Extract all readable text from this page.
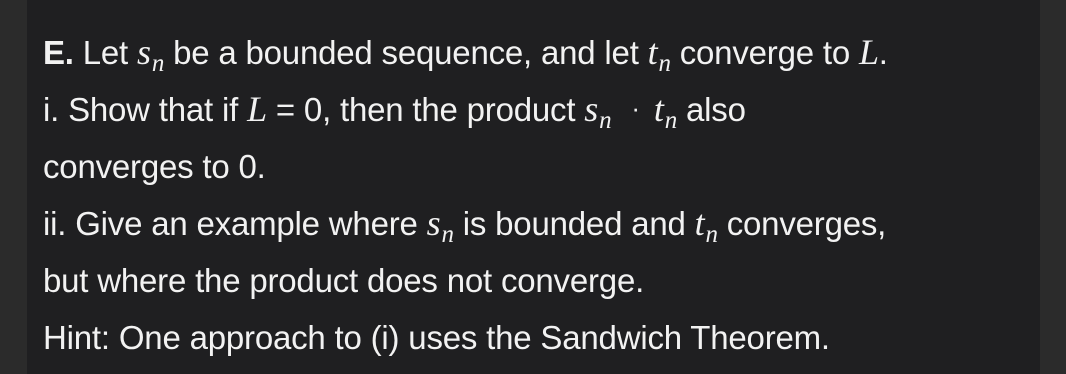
E. Let $s_n$ be a bounded sequence, and let $t_n$ converge to L.
i. Show that if L = 0, then the product $s_n \cdot t_n$ also
converges to 0.
ii. Give an example where $s_n$ is bounded and $t_n$ converges,
but where the product does not converge.
Hint: One approach to (i) uses the Sandwich Theorem.
